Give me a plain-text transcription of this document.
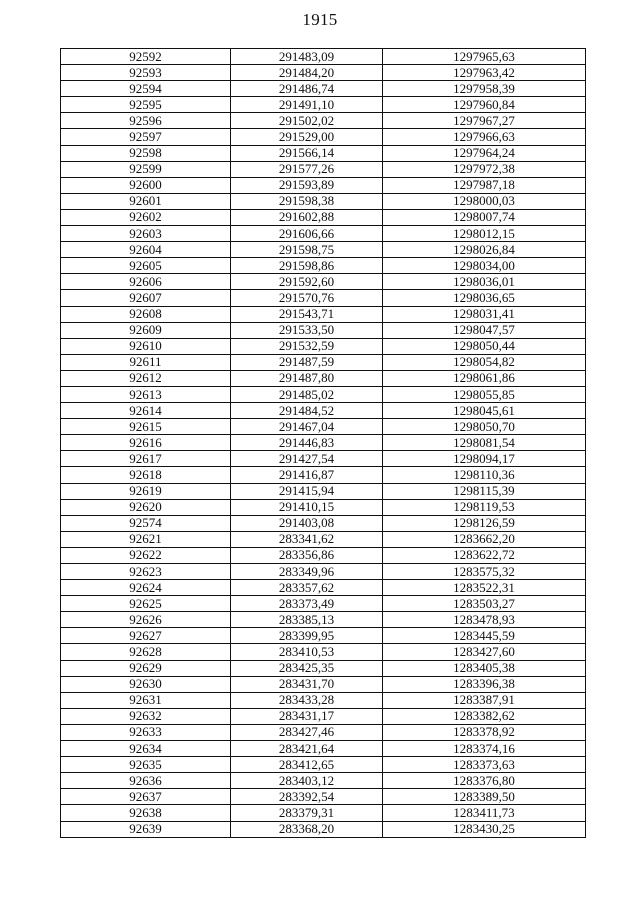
1915
92592	291483,09	1297965,63
92593	291484,20	1297963,42
92594	291486,74	1297958,39
92595	291491,10	1297960,84
92596	291502,02	1297967,27
92597	291529,00	1297966,63
92598	291566,14	1297964,24
92599	291577,26	1297972,38
92600	291593,89	1297987,18
92601	291598,38	1298000,03
92602	291602,88	1298007,74
92603	291606,66	1298012,15
92604	291598,75	1298026,84
92605	291598,86	1298034,00
92606	291592,60	1298036,01
92607	291570,76	1298036,65
92608	291543,71	1298031,41
92609	291533,50	1298047,57
92610	291532,59	1298050,44
92611	291487,59	1298054,82
92612	291487,80	1298061,86
92613	291485,02	1298055,85
92614	291484,52	1298045,61
92615	291467,04	1298050,70
92616	291446,83	1298081,54
92617	291427,54	1298094,17
92618	291416,87	1298110,36
92619	291415,94	1298115,39
92620	291410,15	1298119,53
92574	291403,08	1298126,59
92621	283341,62	1283662,20
92622	283356,86	1283622,72
92623	283349,96	1283575,32
92624	283357,62	1283522,31
92625	283373,49	1283503,27
92626	283385,13	1283478,93
92627	283399,95	1283445,59
92628	283410,53	1283427,60
92629	283425,35	1283405,38
92630	283431,70	1283396,38
92631	283433,28	1283387,91
92632	283431,17	1283382,62
92633	283427,46	1283378,92
92634	283421,64	1283374,16
92635	283412,65	1283373,63
92636	283403,12	1283376,80
92637	283392,54	1283389,50
92638	283379,31	1283411,73
92639	283368,20	1283430,25
